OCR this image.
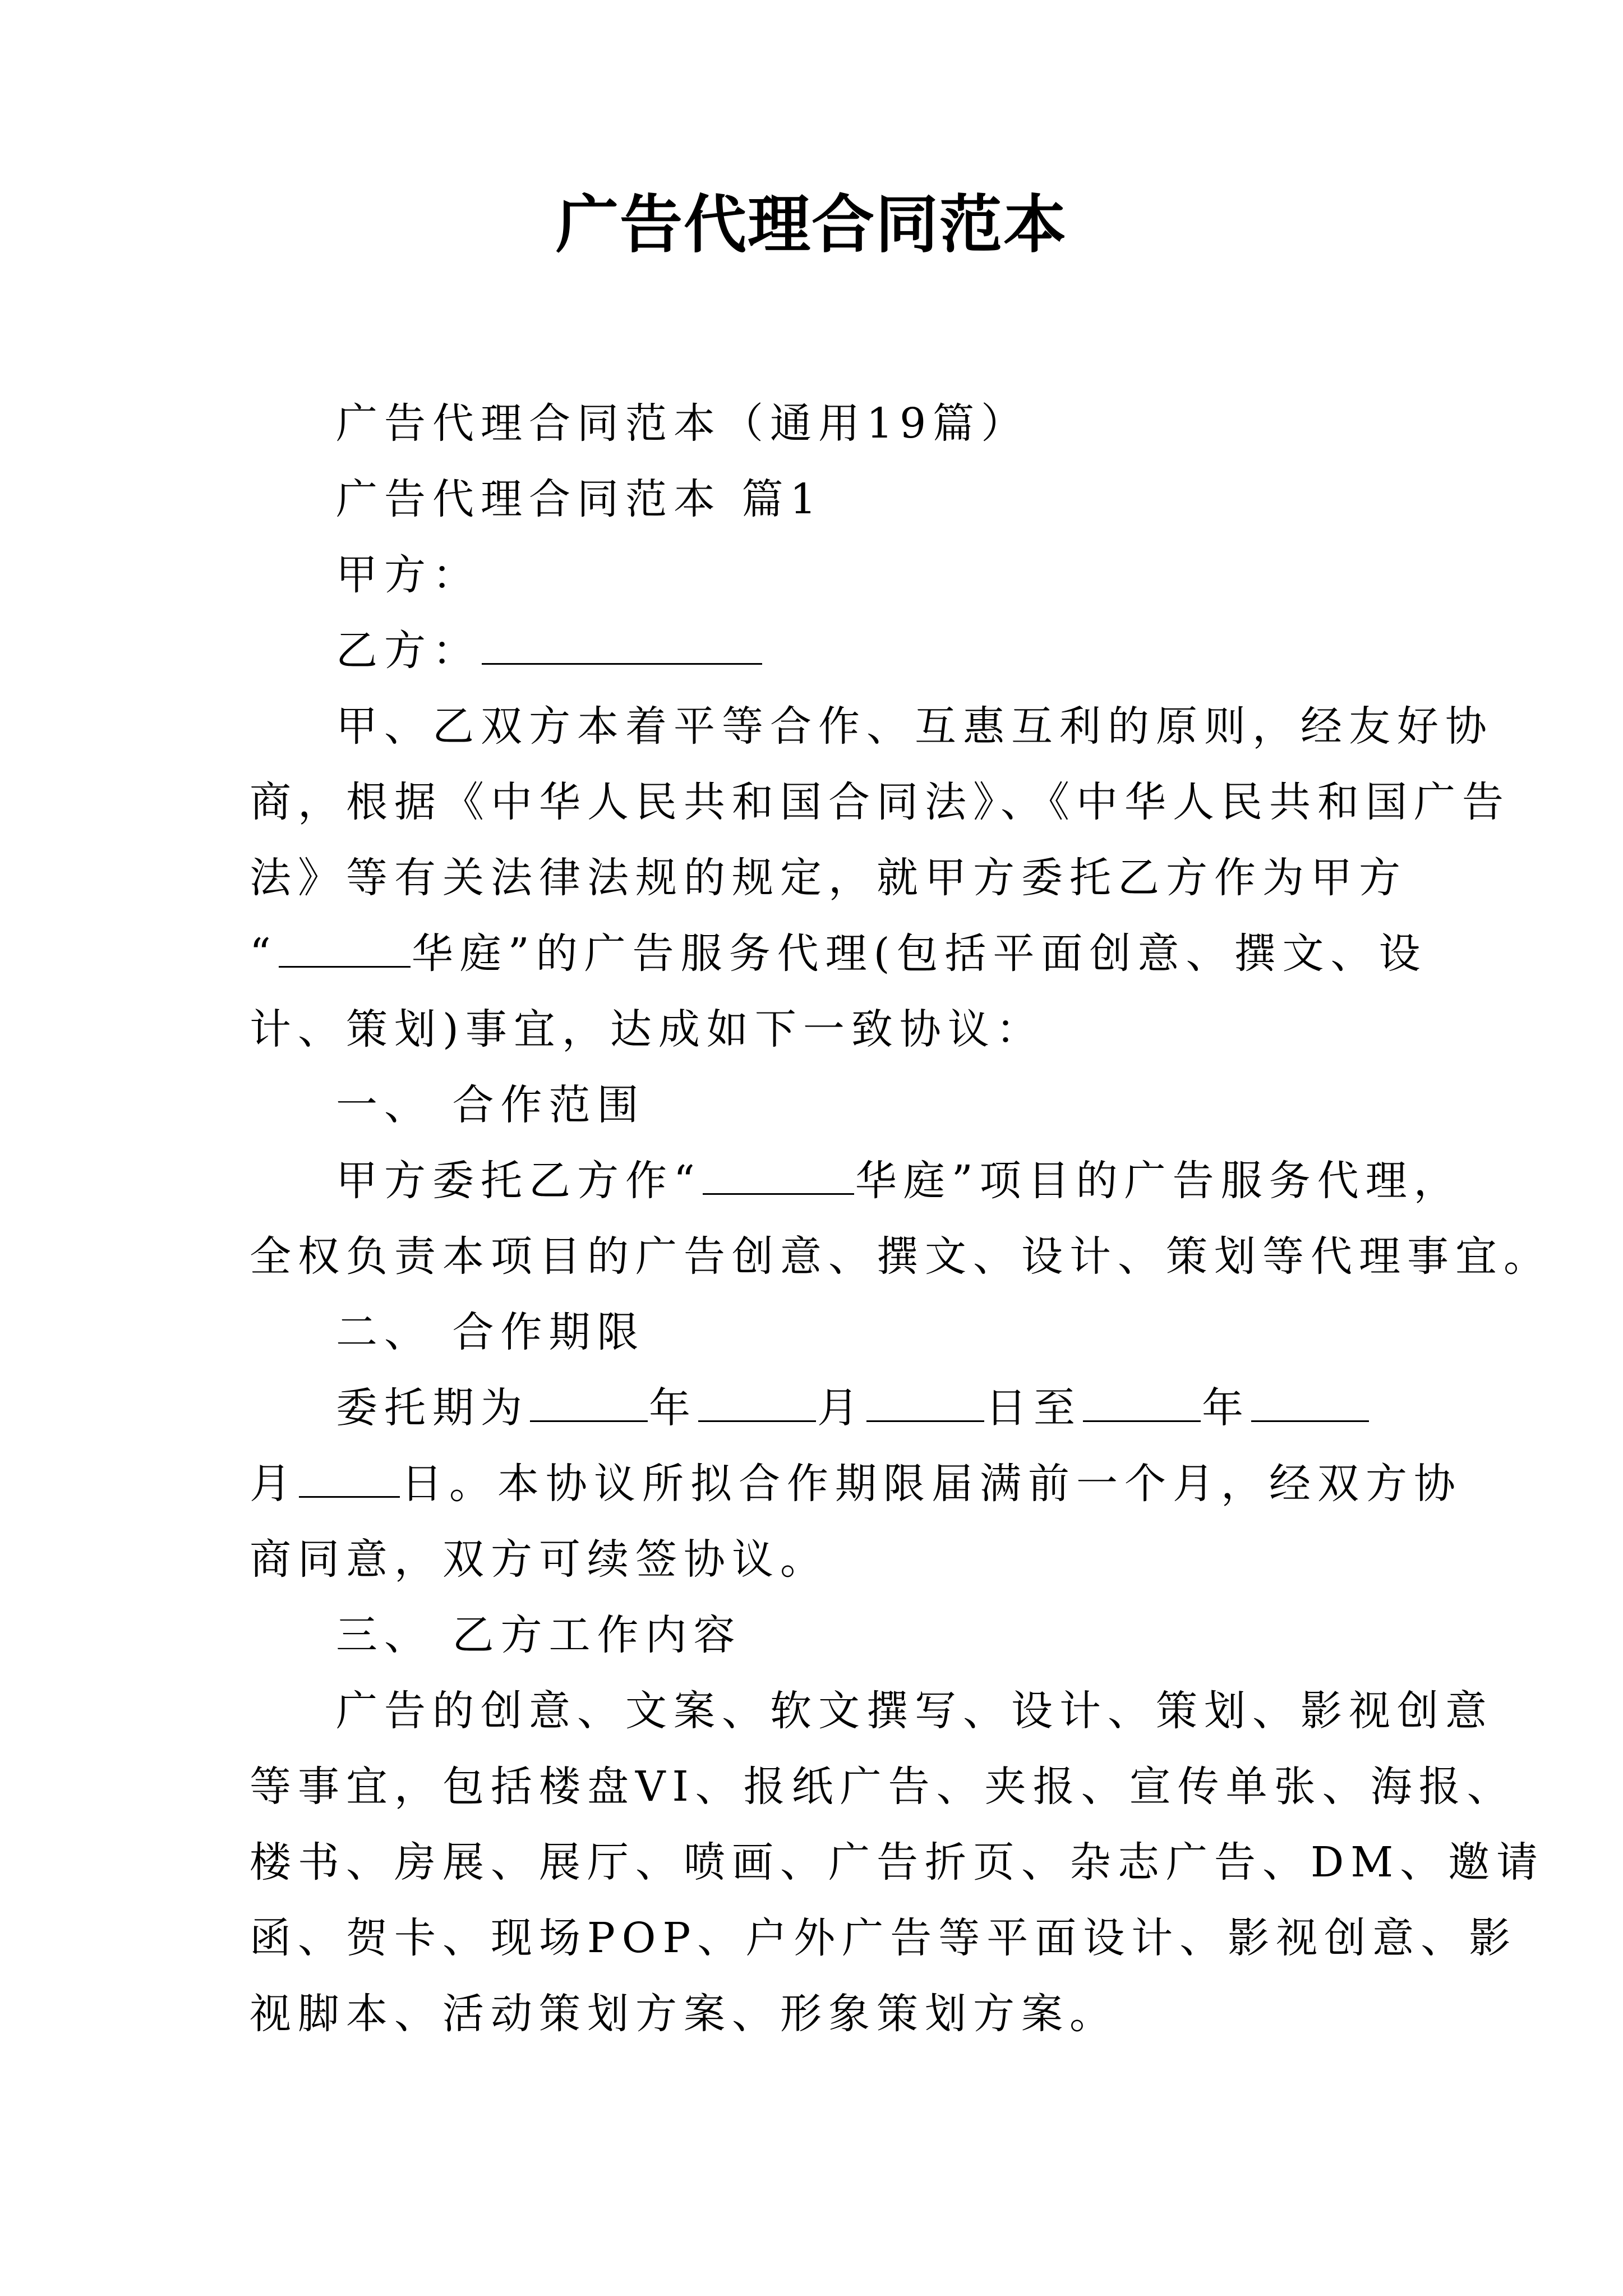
广告代理合同范本
广告代理合同范本（通用19篇）
广告代理合同范本 篇1
甲方：
乙方：
甲、乙双方本着平等合作、互惠互利的原则，经友好协
商，根据《中华人民共和国合同法》、《中华人民共和国广告
法》等有关法律法规的规定，就甲方委托乙方作为甲方
“	华庭”的广告服务代理(包括平面创意、撰文、设
计、策划)事宜，达成如下一致协议：
一、 合作范围
甲方委托乙方作“	华庭”项目的广告服务代理，
全权负责本项目的广告创意、撰文、设计、策划等代理事宜。
二、 合作期限
委托期为	年	月	日至	年
月 日。本协议所拟合作期限届满前一个月，经双方协
商同意，双方可续签协议。
三、 乙方工作内容
广告的创意、文案、软文撰写、设计、策划、影视创意
等事宜，包括楼盘VI、报纸广告、夹报、宣传单张、海报、
楼书、房展、展厅、喷画、广告折页、杂志广告、DM、邀请
函、贺卡、现场POP、户外广告等平面设计、影视创意、影
视脚本、活动策划方案、形象策划方案。
